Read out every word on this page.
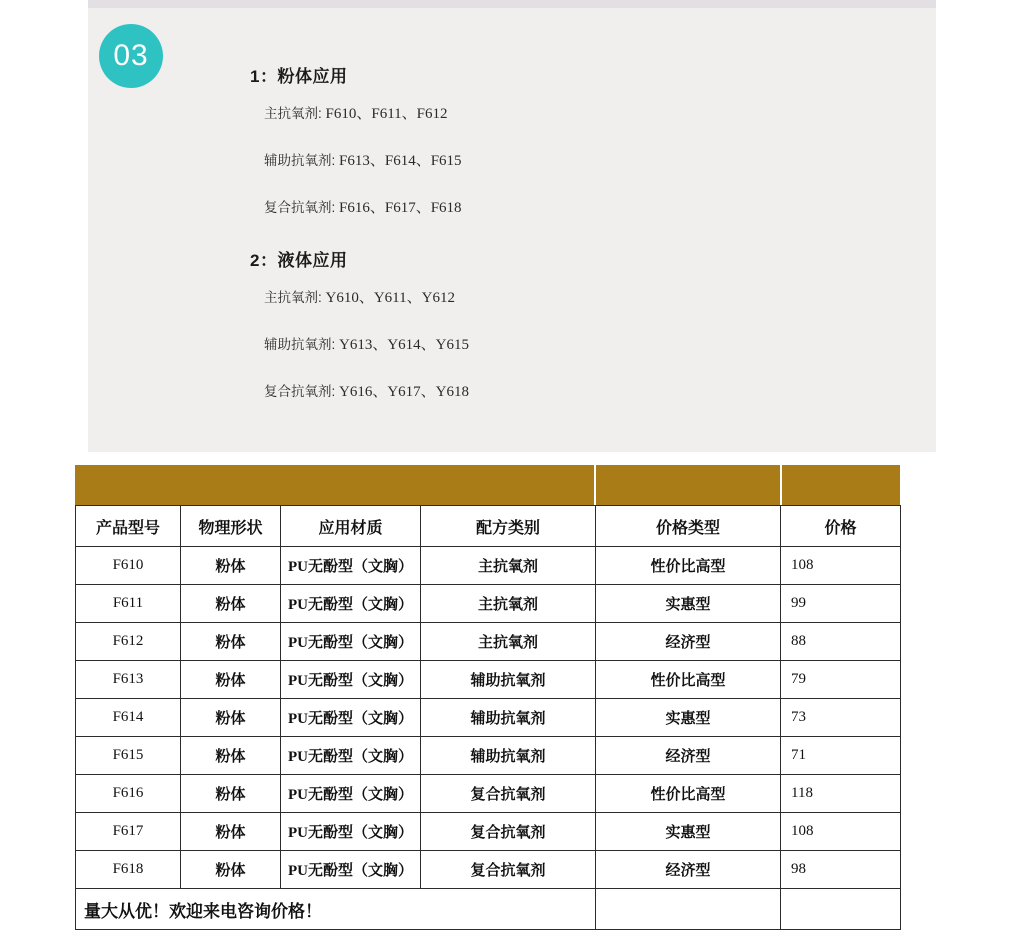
03
1：粉体应用
主抗氧剂: F610、F611、F612
辅助抗氧剂: F613、F614、F615
复合抗氧剂: F616、F617、F618
2：液体应用
主抗氧剂: Y610、Y611、Y612
辅助抗氧剂: Y613、Y614、Y615
复合抗氧剂: Y616、Y617、Y618
产品型号	物理形状	应用材质	配方类别	价格类型	价格
F610	粉体	PU无酚型（文胸）	主抗氧剂	性价比高型	108
F611	粉体	PU无酚型（文胸）	主抗氧剂	实惠型	99
F612	粉体	PU无酚型（文胸）	主抗氧剂	经济型	88
F613	粉体	PU无酚型（文胸）	辅助抗氧剂	性价比高型	79
F614	粉体	PU无酚型（文胸）	辅助抗氧剂	实惠型	73
F615	粉体	PU无酚型（文胸）	辅助抗氧剂	经济型	71
F616	粉体	PU无酚型（文胸）	复合抗氧剂	性价比高型	118
F617	粉体	PU无酚型（文胸）	复合抗氧剂	实惠型	108
F618	粉体	PU无酚型（文胸）	复合抗氧剂	经济型	98
量大从优！欢迎来电咨询价格！					
